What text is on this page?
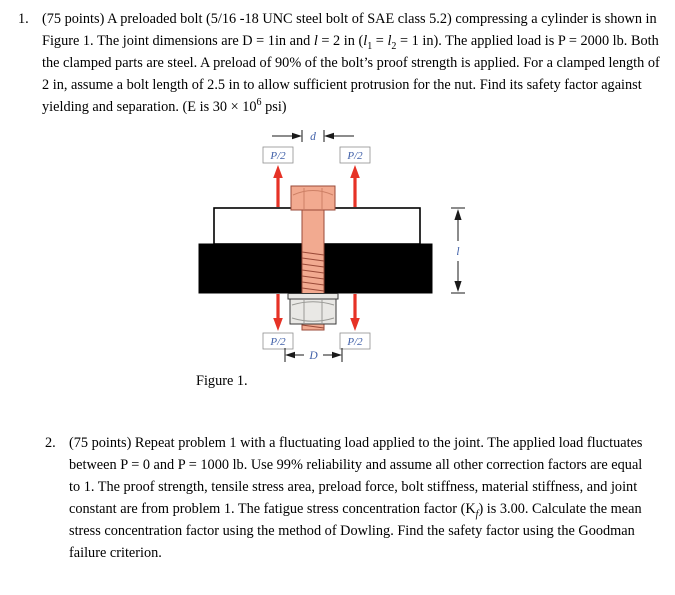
1. (75 points) A preloaded bolt (5/16 -18 UNC steel bolt of SAE class 5.2) compressing a cylinder is shown in Figure 1. The joint dimensions are D = 1in and l = 2 in ($l_1 = l_2 = 1$ in). The applied load is P = 2000 lb. Both the clamped parts are steel. A preload of 90% of the bolt’s proof strength is applied. For a clamped length of 2 in, assume a bolt length of 2.5 in to allow sufficient protrusion for the nut. Find its safety factor against yielding and separation. (E is $30 \times 10^6$ psi)
d
P/2	P/2
P/2	P/2
D
l
Figure 1.
2. (75 points) Repeat problem 1 with a fluctuating load applied to the joint. The applied load fluctuates between P = 0 and P = 1000 lb. Use 99% reliability and assume all other correction factors are equal to 1. The proof strength, tensile stress area, preload force, bolt stiffness, material stiffness, and joint constant are from problem 1. The fatigue stress concentration factor $(K_f)$ is 3.00. Calculate the mean stress concentration factor using the method of Dowling. Find the safety factor using the Goodman failure criterion.
